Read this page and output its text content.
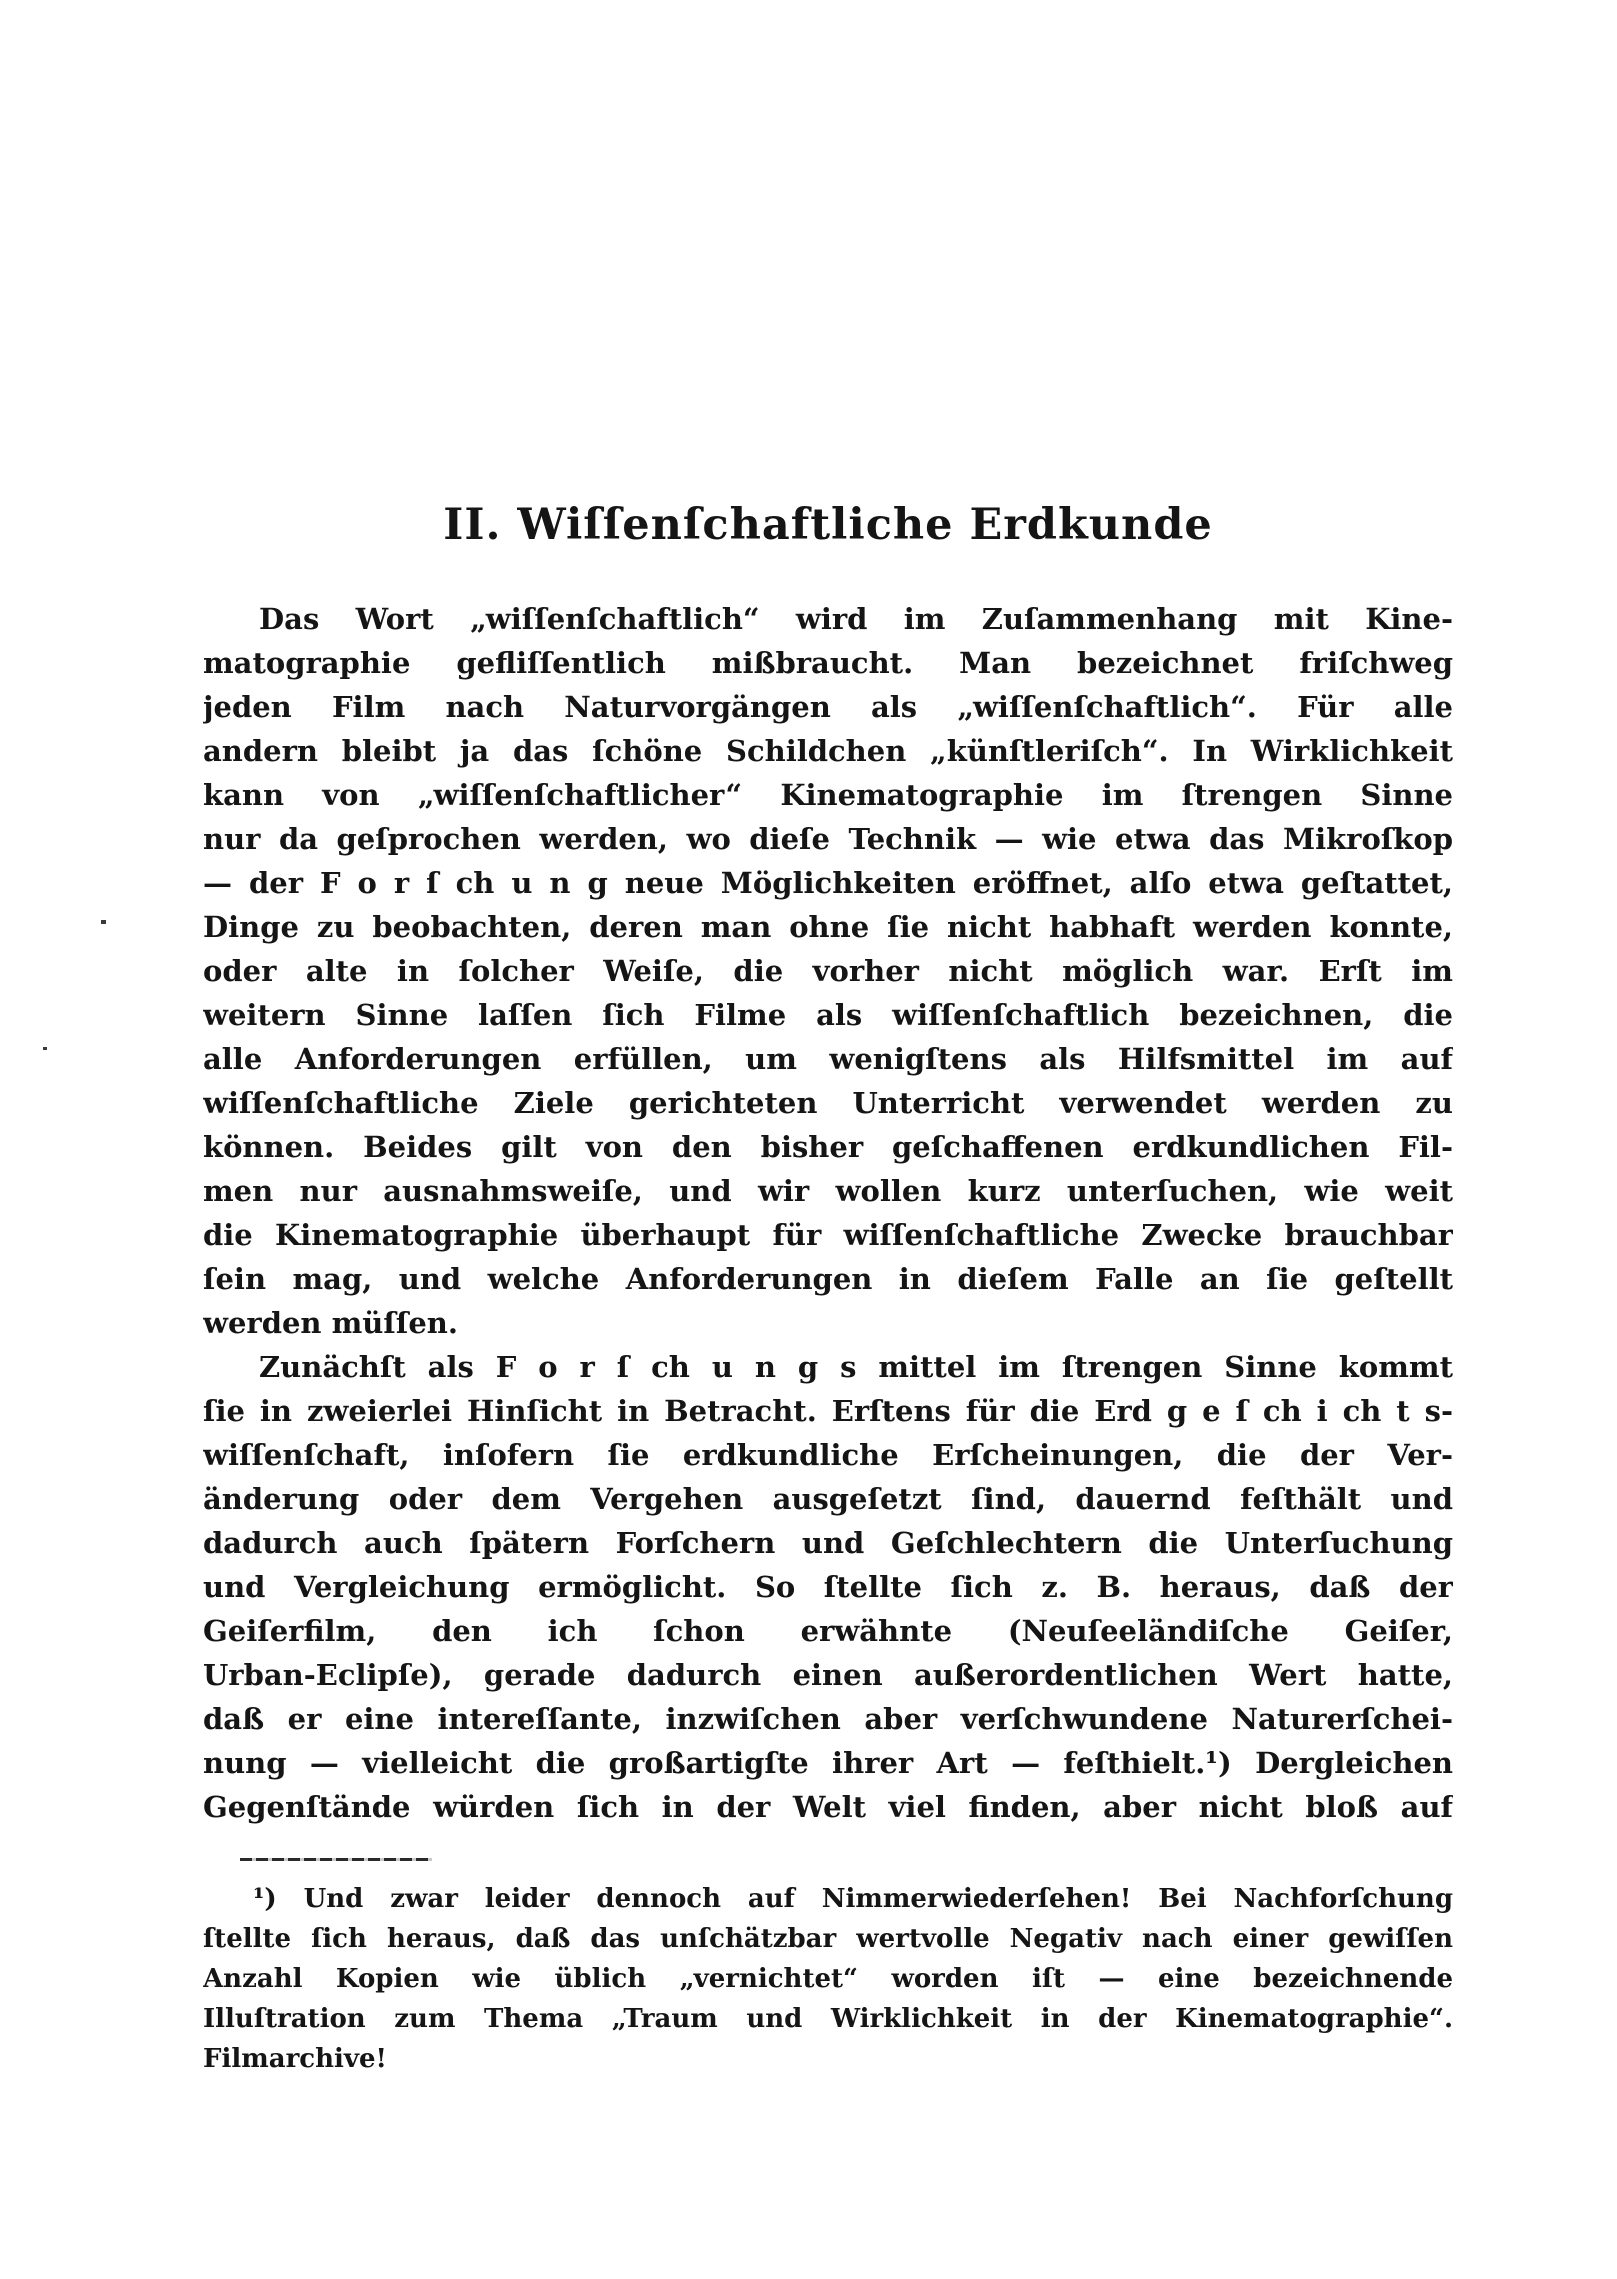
II. Wiſſenſchaftliche Erdkunde
Das Wort „wiſſenſchaftlich“ wird im Zuſammenhang mit Kine-
matographie gefliſſentlich mißbraucht. Man bezeichnet friſchweg
jeden Film nach Naturvorgängen als „wiſſenſchaftlich“. Für alle
andern bleibt ja das ſchöne Schildchen „künſtleriſch“. In Wirklichkeit
kann von „wiſſenſchaftlicher“ Kinematographie im ſtrengen Sinne
nur da geſprochen werden, wo dieſe Technik — wie etwa das Mikroſkop
— der F o r ſ ch u n g neue Möglichkeiten eröffnet, alſo etwa geſtattet,
Dinge zu beobachten, deren man ohne ſie nicht habhaft werden konnte,
oder alte in ſolcher Weiſe, die vorher nicht möglich war. Erſt im
weitern Sinne laſſen ſich Filme als wiſſenſchaftlich bezeichnen, die
alle Anforderungen erfüllen, um wenigſtens als Hilfsmittel im auf
wiſſenſchaftliche Ziele gerichteten Unterricht verwendet werden zu
können. Beides gilt von den bisher geſchaffenen erdkundlichen Fil-
men nur ausnahmsweiſe, und wir wollen kurz unterſuchen, wie weit
die Kinematographie überhaupt für wiſſenſchaftliche Zwecke brauchbar
ſein mag, und welche Anforderungen in dieſem Falle an ſie geſtellt
werden müſſen.
Zunächſt als F o r ſ ch u n g s mittel im ſtrengen Sinne kommt
ſie in zweierlei Hinſicht in Betracht. Erſtens für die Erd g e ſ ch i ch t s-
wiſſenſchaft, inſofern ſie erdkundliche Erſcheinungen, die der Ver-
änderung oder dem Vergehen ausgeſetzt ſind, dauernd feſthält und
dadurch auch ſpätern Forſchern und Geſchlechtern die Unterſuchung
und Vergleichung ermöglicht. So ſtellte ſich z. B. heraus, daß der
Geiſerfilm, den ich ſchon erwähnte (Neuſeeländiſche Geiſer,
Urban-Eclipſe), gerade dadurch einen außerordentlichen Wert hatte,
daß er eine intereſſante, inzwiſchen aber verſchwundene Naturerſchei-
nung — vielleicht die großartigſte ihrer Art — feſthielt.¹) Dergleichen
Gegenſtände würden ſich in der Welt viel finden, aber nicht bloß auf
¹) Und zwar leider dennoch auf Nimmerwiederſehen! Bei Nachforſchung
ſtellte ſich heraus, daß das unſchätzbar wertvolle Negativ nach einer gewiſſen
Anzahl Kopien wie üblich „vernichtet“ worden iſt — eine bezeichnende
Illuſtration zum Thema „Traum und Wirklichkeit in der Kinematographie“.
Filmarchive!
